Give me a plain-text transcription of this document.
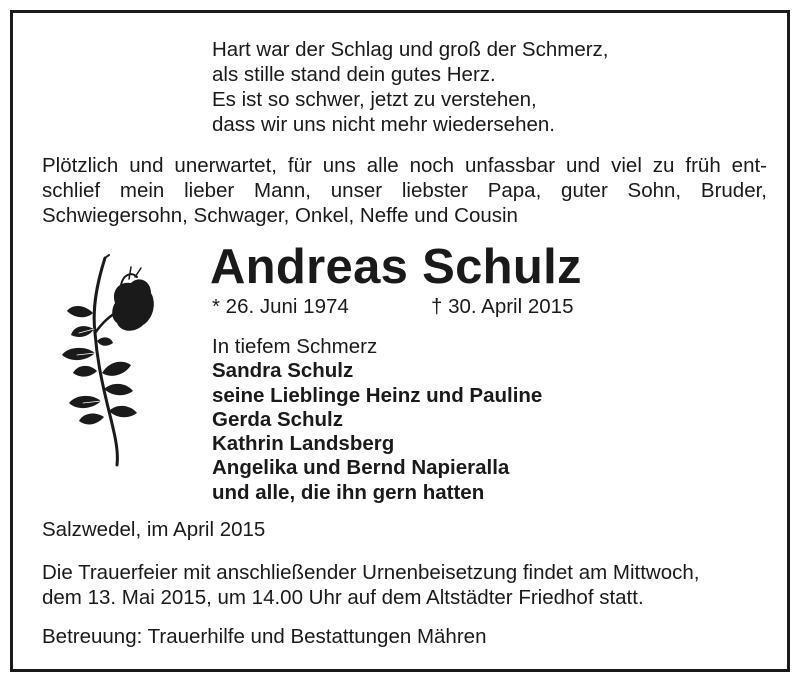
Hart war der Schlag und groß der Schmerz,
als stille stand dein gutes Herz.
Es ist so schwer, jetzt zu verstehen,
dass wir uns nicht mehr wiedersehen.
Plötzlich und unerwartet, für uns alle noch unfassbar und viel zu früh ent-
schlief mein lieber Mann, unser liebster Papa, guter Sohn, Bruder,
Schwiegersohn, Schwager, Onkel, Neffe und Cousin
Andreas Schulz
* 26. Juni 1974	† 30. April 2015
In tiefem Schmerz
Sandra Schulz
seine Lieblinge Heinz und Pauline
Gerda Schulz
Kathrin Landsberg
Angelika und Bernd Napieralla
und alle, die ihn gern hatten
Salzwedel, im April 2015
Die Trauerfeier mit anschließender Urnenbeisetzung findet am Mittwoch,
dem 13. Mai 2015, um 14.00 Uhr auf dem Altstädter Friedhof statt.
Betreuung: Trauerhilfe und Bestattungen Mähren
